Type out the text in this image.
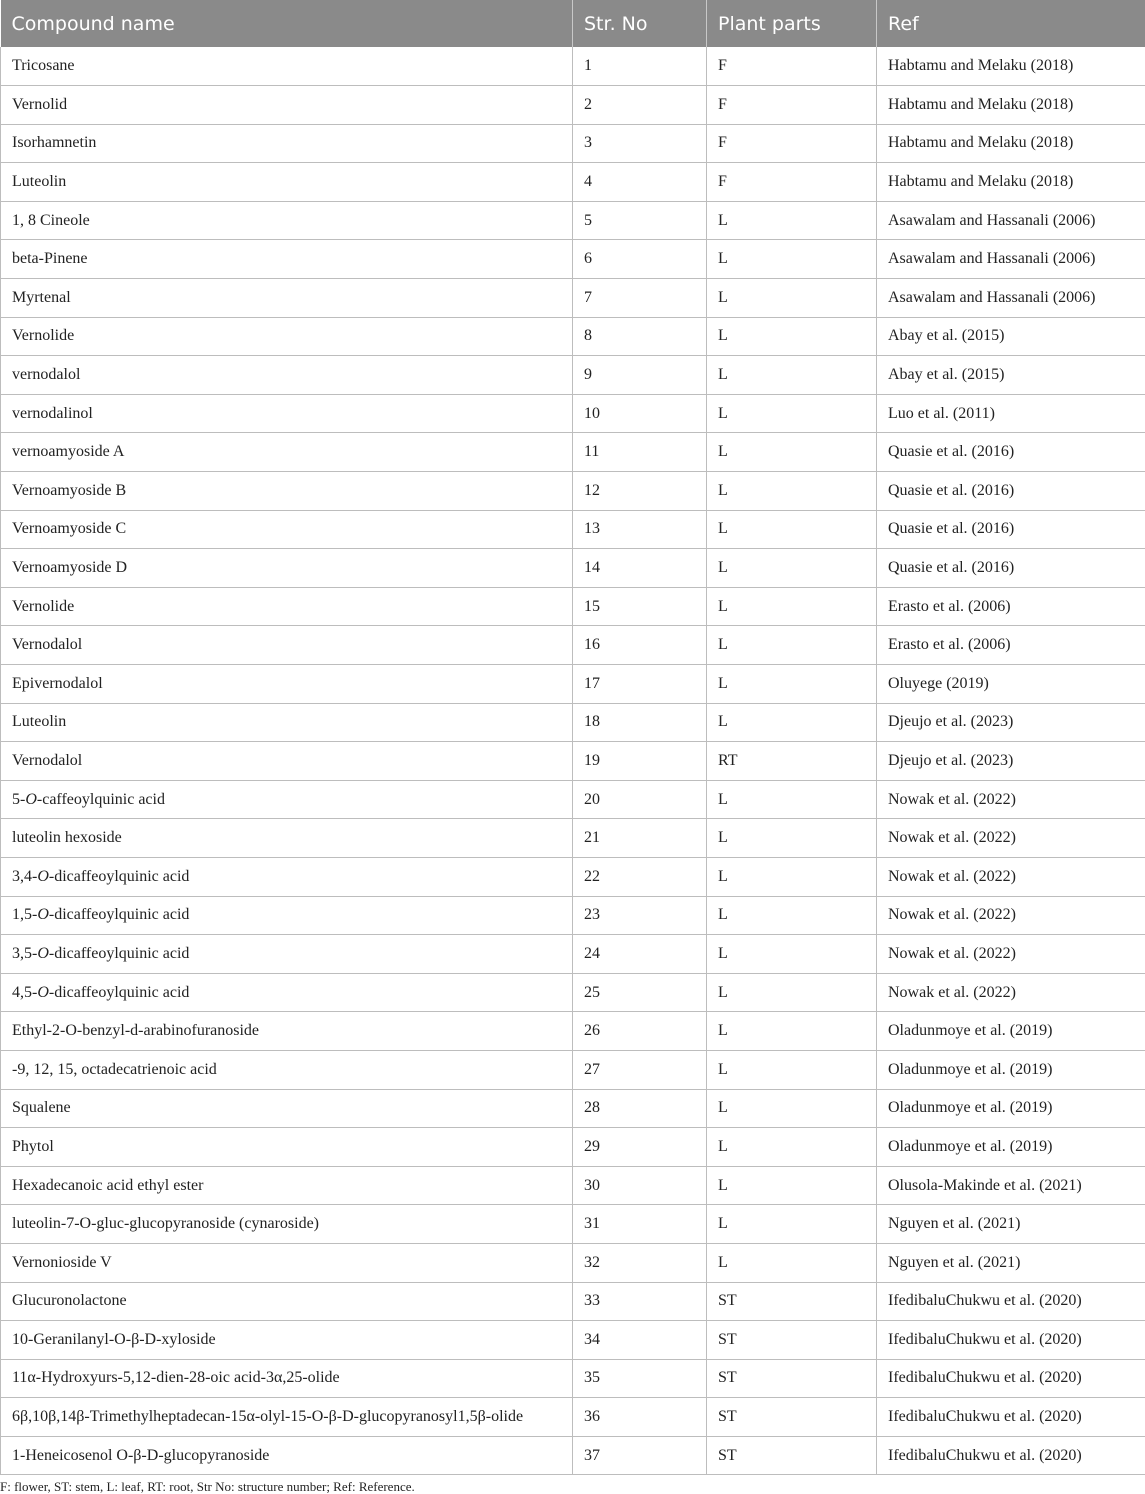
Compound name	Str. No	Plant parts	Ref
Tricosane	1	F	Habtamu and Melaku (2018)
Vernolid	2	F	Habtamu and Melaku (2018)
Isorhamnetin	3	F	Habtamu and Melaku (2018)
Luteolin	4	F	Habtamu and Melaku (2018)
1, 8 Cineole	5	L	Asawalam and Hassanali (2006)
beta-Pinene	6	L	Asawalam and Hassanali (2006)
Myrtenal	7	L	Asawalam and Hassanali (2006)
Vernolide	8	L	Abay et al. (2015)
vernodalol	9	L	Abay et al. (2015)
vernodalinol	10	L	Luo et al. (2011)
vernoamyoside A	11	L	Quasie et al. (2016)
Vernoamyoside B	12	L	Quasie et al. (2016)
Vernoamyoside C	13	L	Quasie et al. (2016)
Vernoamyoside D	14	L	Quasie et al. (2016)
Vernolide	15	L	Erasto et al. (2006)
Vernodalol	16	L	Erasto et al. (2006)
Epivernodalol	17	L	Oluyege (2019)
Luteolin	18	L	Djeujo et al. (2023)
Vernodalol	19	RT	Djeujo et al. (2023)
5-O-caffeoylquinic acid	20	L	Nowak et al. (2022)
luteolin hexoside	21	L	Nowak et al. (2022)
3,4-O-dicaffeoylquinic acid	22	L	Nowak et al. (2022)
1,5-O-dicaffeoylquinic acid	23	L	Nowak et al. (2022)
3,5-O-dicaffeoylquinic acid	24	L	Nowak et al. (2022)
4,5-O-dicaffeoylquinic acid	25	L	Nowak et al. (2022)
Ethyl-2-O-benzyl-d-arabinofuranoside	26	L	Oladunmoye et al. (2019)
-9, 12, 15, octadecatrienoic acid	27	L	Oladunmoye et al. (2019)
Squalene	28	L	Oladunmoye et al. (2019)
Phytol	29	L	Oladunmoye et al. (2019)
Hexadecanoic acid ethyl ester	30	L	Olusola-Makinde et al. (2021)
luteolin-7-O-gluc-glucopyranoside (cynaroside)	31	L	Nguyen et al. (2021)
Vernonioside V	32	L	Nguyen et al. (2021)
Glucuronolactone	33	ST	IfedibaluChukwu et al. (2020)
10-Geranilanyl-O-β-D-xyloside	34	ST	IfedibaluChukwu et al. (2020)
11α-Hydroxyurs-5,12-dien-28-oic acid-3α,25-olide	35	ST	IfedibaluChukwu et al. (2020)
6β,10β,14β-Trimethylheptadecan-15α-olyl-15-O-β-D-glucopyranosyl1,5β-olide	36	ST	IfedibaluChukwu et al. (2020)
1-Heneicosenol O-β-D-glucopyranoside	37	ST	IfedibaluChukwu et al. (2020)
F: flower, ST: stem, L: leaf, RT: root, Str No: structure number; Ref: Reference.
